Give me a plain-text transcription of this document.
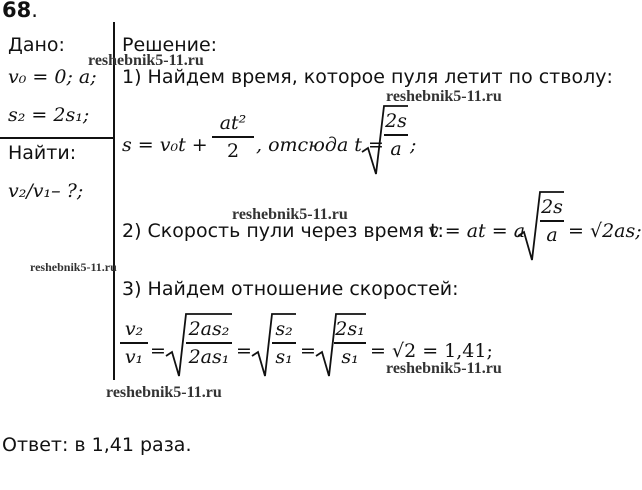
68.
Дано:
v₀ = 0; a;
s₂ = 2s₁;
Найти:
v₂/v₁– ?;
Решение:
1) Найдем время, которое пуля летит по стволу:
s = v₀t +
at²
2 , отсюда t =
2s
a ;
2) Скорость пули через время t:
v = at = a
2s
a = √2as;
3) Найдем отношение скоростей:
v₂
v₁ =
2as₂
2as₁ =
s₂
s₁ =
2s₁
s₁ = √2 = 1,41;
Ответ: в 1,41 раза.
reshebnik5-11.ru
reshebnik5-11.ru
reshebnik5-11.ru
reshebnik5-11.ru
reshebnik5-11.ru
reshebnik5-11.ru
